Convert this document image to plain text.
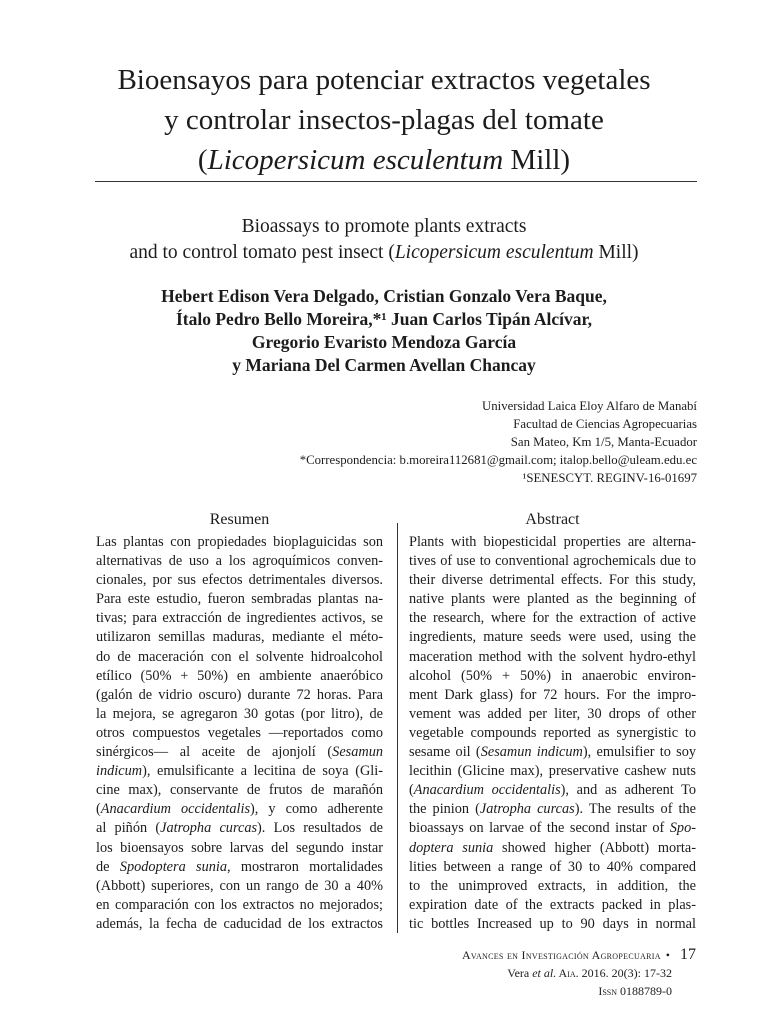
Bioensayos para potenciar extractos vegetales
y controlar insectos-plagas del tomate
(Licopersicum esculentum Mill)
Bioassays to promote plants extracts
and to control tomato pest insect (Licopersicum esculentum Mill)
Hebert Edison Vera Delgado, Cristian Gonzalo Vera Baque,
Ítalo Pedro Bello Moreira,*¹ Juan Carlos Tipán Alcívar,
Gregorio Evaristo Mendoza García
y Mariana Del Carmen Avellan Chancay
Universidad Laica Eloy Alfaro de Manabí
Facultad de Ciencias Agropecuarias
San Mateo, Km 1/5, Manta-Ecuador
*Correspondencia: b.moreira112681@gmail.com; italop.bello@uleam.edu.ec
¹SENESCYT. REGINV-16-01697
Resumen	Abstract
Las plantas con propiedades bioplaguicidas son
alternativas de uso a los agroquímicos conven-
cionales, por sus efectos detrimentales diversos.
Para este estudio, fueron sembradas plantas na-
tivas; para extracción de ingredientes activos, se
utilizaron semillas maduras, mediante el méto-
do de maceración con el solvente hidroalcohol
etílico (50% + 50%) en ambiente anaeróbico
(galón de vidrio oscuro) durante 72 horas. Para
la mejora, se agregaron 30 gotas (por litro), de
otros compuestos vegetales —reportados como
sinérgicos— al aceite de ajonjolí (Sesamun
indicum), emulsificante a lecitina de soya (Gli-
cine max), conservante de frutos de marañón
(Anacardium occidentalis), y como adherente
al piñón (Jatropha curcas). Los resultados de
los bioensayos sobre larvas del segundo instar
de Spodoptera sunia, mostraron mortalidades
(Abbott) superiores, con un rango de 30 a 40%
en comparación con los extractos no mejorados;
además, la fecha de caducidad de los extractos
Plants with biopesticidal properties are alterna-
tives of use to conventional agrochemicals due to
their diverse detrimental effects. For this study,
native plants were planted as the beginning of
the research, where for the extraction of active
ingredients, mature seeds were used, using the
maceration method with the solvent hydro-ethyl
alcohol (50% + 50%) in anaerobic environ-
ment Dark glass) for 72 hours. For the impro-
vement was added per liter, 30 drops of other
vegetable compounds reported as synergistic to
sesame oil (Sesamun indicum), emulsifier to soy
lecithin (Glicine max), preservative cashew nuts
(Anacardium occidentalis), and as adherent To
the pinion (Jatropha curcas). The results of the
bioassays on larvae of the second instar of Spo-
doptera sunia showed higher (Abbott) morta-
lities between a range of 30 to 40% compared
to the unimproved extracts, in addition, the
expiration date of the extracts packed in plas-
tic bottles Increased up to 90 days in normal
Avances en Investigación Agropecuaria • 17
Vera et al. Aia. 2016. 20(3): 17-32
Issn 0188789-0
